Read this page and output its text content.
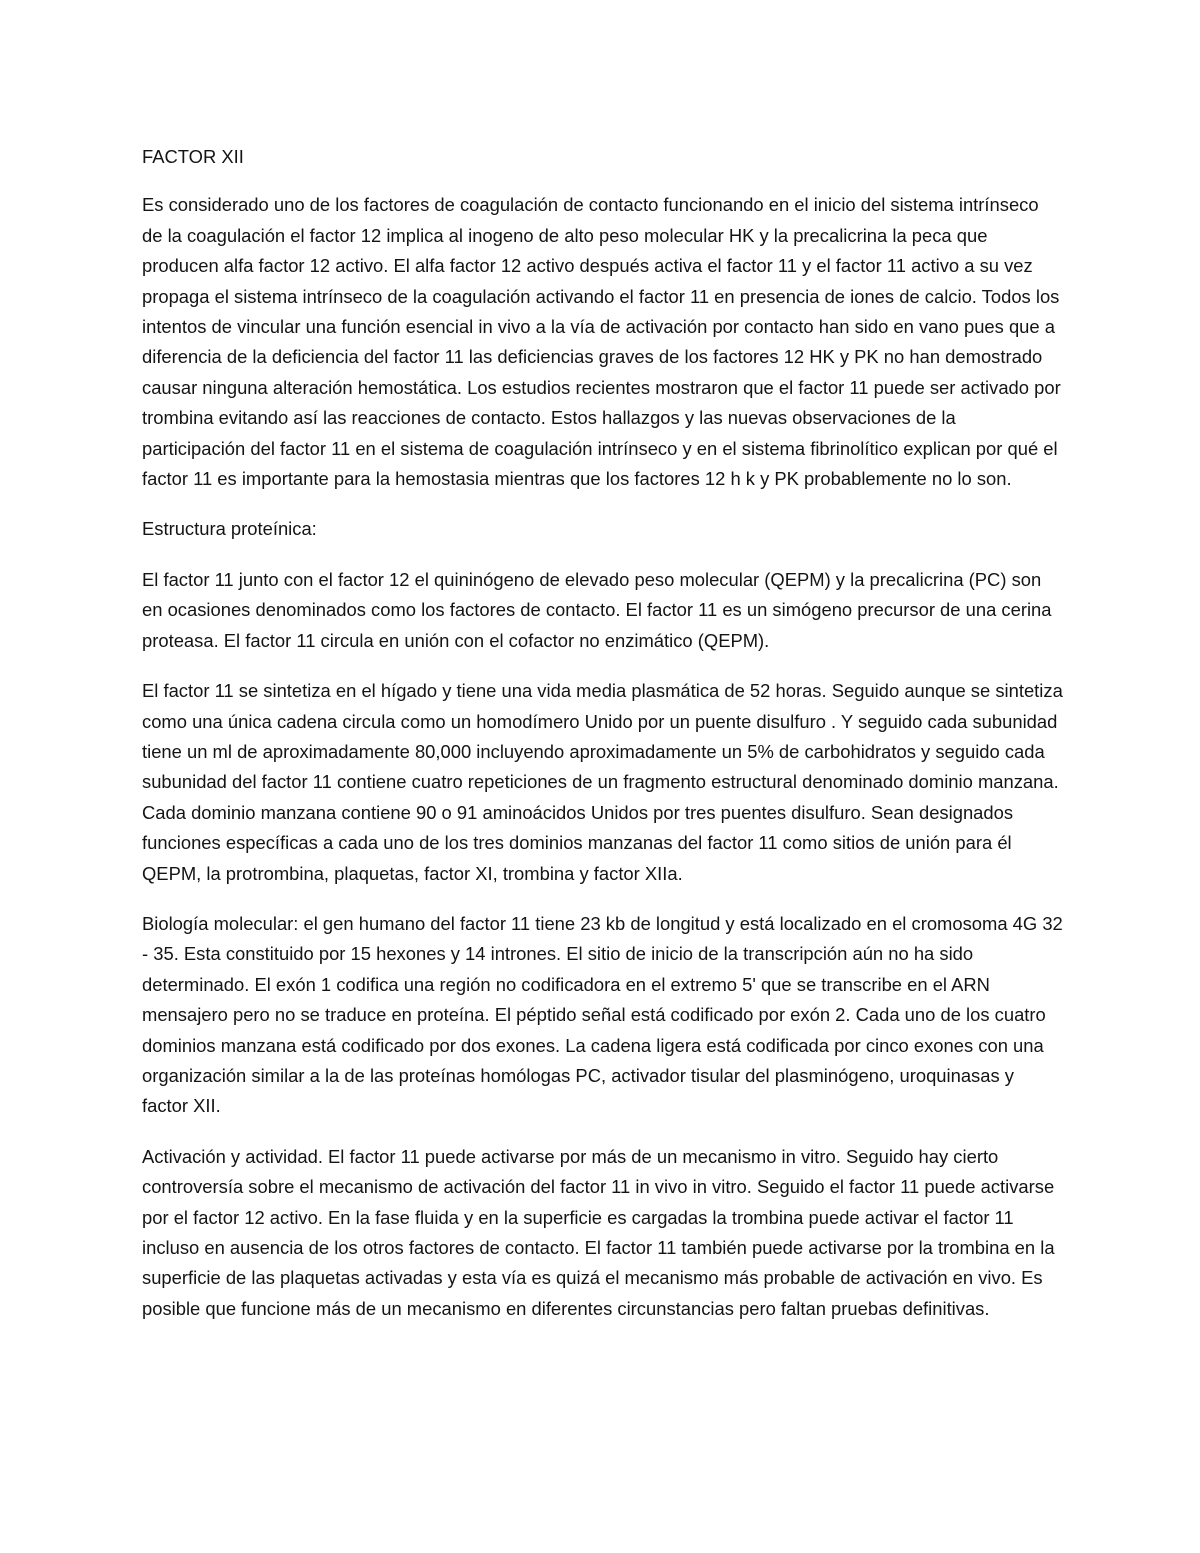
FACTOR XII

Es considerado uno de los factores de coagulación de contacto funcionando en el inicio del sistema intrínseco de la coagulación el factor 12 implica al inogeno de alto peso molecular HK y la precalicrina la peca que producen alfa factor 12 activo. El alfa factor 12 activo después activa el factor 11 y el factor 11 activo a su vez propaga el sistema intrínseco de la coagulación activando el factor 11 en presencia de iones de calcio. Todos los intentos de vincular una función esencial in vivo a la vía de activación por contacto han sido en vano pues que a diferencia de la deficiencia del factor 11 las deficiencias graves de los factores 12 HK y PK no han demostrado causar ninguna alteración hemostática. Los estudios recientes mostraron que el factor 11 puede ser activado por trombina evitando así las reacciones de contacto. Estos hallazgos y las nuevas observaciones de la participación del factor 11 en el sistema de coagulación intrínseco y en el sistema fibrinolítico explican por qué el factor 11 es importante para la hemostasia mientras que los factores 12 h k y PK probablemente no lo son.

Estructura proteínica:

El factor 11 junto con el factor 12 el quininógeno de elevado peso molecular (QEPM) y la precalicrina (PC) son en ocasiones denominados como los factores de contacto. El factor 11 es un simógeno precursor de una cerina proteasa. El factor 11 circula en unión con el cofactor no enzimático (QEPM).

El factor 11 se sintetiza en el hígado y tiene una vida media plasmática de 52 horas. Seguido aunque se sintetiza como una única cadena circula como un homodímero Unido por un puente disulfuro . Y seguido cada subunidad tiene un ml de aproximadamente 80,000 incluyendo aproximadamente un 5% de carbohidratos y seguido cada subunidad del factor 11 contiene cuatro repeticiones de un fragmento estructural denominado dominio manzana. Cada dominio manzana contiene 90 o 91 aminoácidos Unidos por tres puentes disulfuro. Sean designados funciones específicas a cada uno de los tres dominios manzanas del factor 11 como sitios de unión para él QEPM, la protrombina, plaquetas, factor XI, trombina y factor XIIa.

Biología molecular: el gen humano del factor 11 tiene 23 kb de longitud y está localizado en el cromosoma 4G 32 - 35. Esta constituido por 15 hexones y 14 intrones. El sitio de inicio de la transcripción aún no ha sido determinado. El exón 1 codifica una región no codificadora en el extremo 5' que se transcribe en el ARN mensajero pero no se traduce en proteína. El péptido señal está codificado por exón 2. Cada uno de los cuatro dominios manzana está codificado por dos exones. La cadena ligera está codificada por cinco exones con una organización similar a la de las proteínas homólogas PC, activador tisular del plasminógeno, uroquinasas y factor XII.

Activación y actividad. El factor 11 puede activarse por más de un mecanismo in vitro. Seguido hay cierto controversía sobre el mecanismo de activación del factor 11 in vivo in vitro. Seguido el factor 11 puede activarse por el factor 12 activo. En la fase fluida y en la superficie es cargadas la trombina puede activar el factor 11 incluso en ausencia de los otros factores de contacto. El factor 11 también puede activarse por la trombina en la superficie de las plaquetas activadas y esta vía es quizá el mecanismo más probable de activación en vivo. Es posible que funcione más de un mecanismo en diferentes circunstancias pero faltan pruebas definitivas.
